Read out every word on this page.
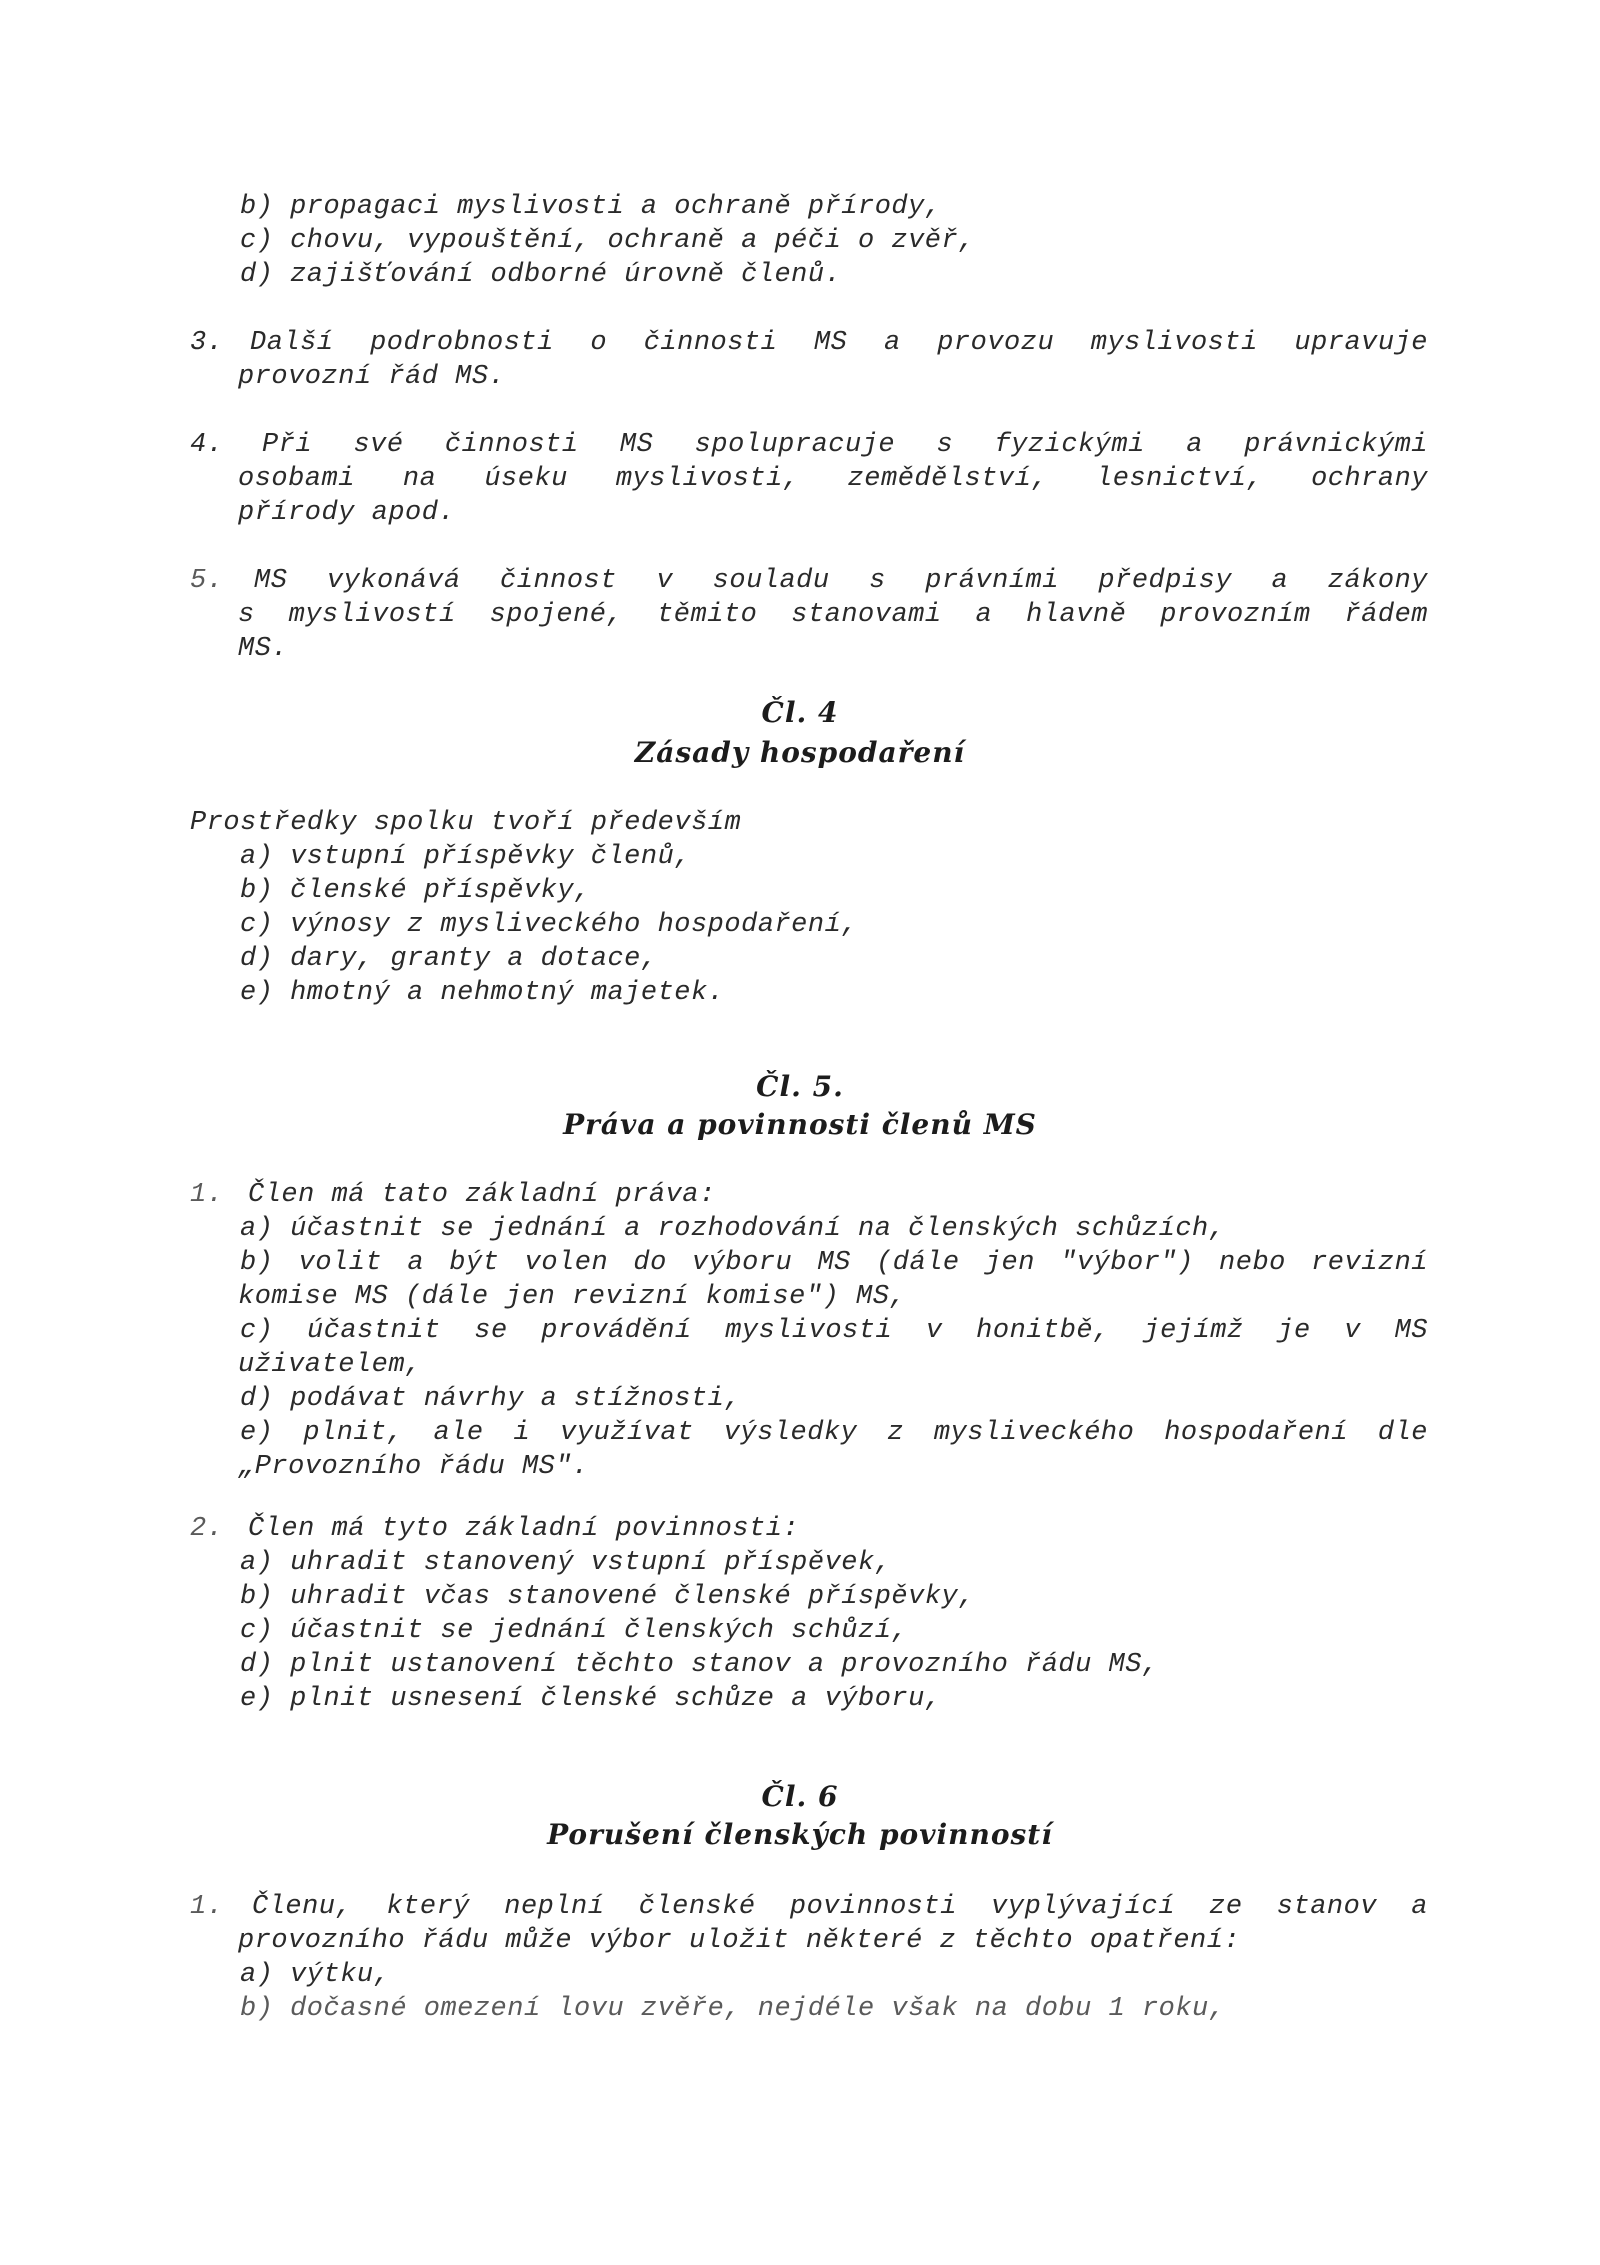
b) propagaci myslivosti a ochraně přírody,
c) chovu, vypouštění, ochraně a péči o zvěř,
d) zajišťování odborné úrovně členů.
3. Další podrobnosti o činnosti MS a provozu myslivosti upravuje
provozní řád MS.
4. Při své činnosti MS spolupracuje s fyzickými a právnickými
osobami na úseku myslivosti, zemědělství, lesnictví, ochrany
přírody apod.
5. MS vykonává činnost v souladu s právními předpisy a zákony
s myslivostí spojené, těmito stanovami a hlavně provozním řádem
MS.
Čl. 4
Zásady hospodaření
Prostředky spolku tvoří především
a) vstupní příspěvky členů,
b) členské příspěvky,
c) výnosy z mysliveckého hospodaření,
d) dary, granty a dotace,
e) hmotný a nehmotný majetek.
Čl. 5.
Práva a povinnosti členů MS
1. Člen má tato základní práva:
a) účastnit se jednání a rozhodování na členských schůzích,
b) volit a být volen do výboru MS (dále jen "výbor") nebo revizní
komise MS (dále jen revizní komise") MS,
c) účastnit se provádění myslivosti v honitbě, jejímž je v MS
uživatelem,
d) podávat návrhy a stížnosti,
e) plnit, ale i využívat výsledky z mysliveckého hospodaření dle
„Provozního řádu MS".
2. Člen má tyto základní povinnosti:
a) uhradit stanovený vstupní příspěvek,
b) uhradit včas stanovené členské příspěvky,
c) účastnit se jednání členských schůzí,
d) plnit ustanovení těchto stanov a provozního řádu MS,
e) plnit usnesení členské schůze a výboru,
Čl. 6
Porušení členských povinností
1. Členu, který neplní členské povinnosti vyplývající ze stanov a
provozního řádu může výbor uložit některé z těchto opatření:
a) výtku,
b) dočasné omezení lovu zvěře, nejdéle však na dobu 1 roku,
